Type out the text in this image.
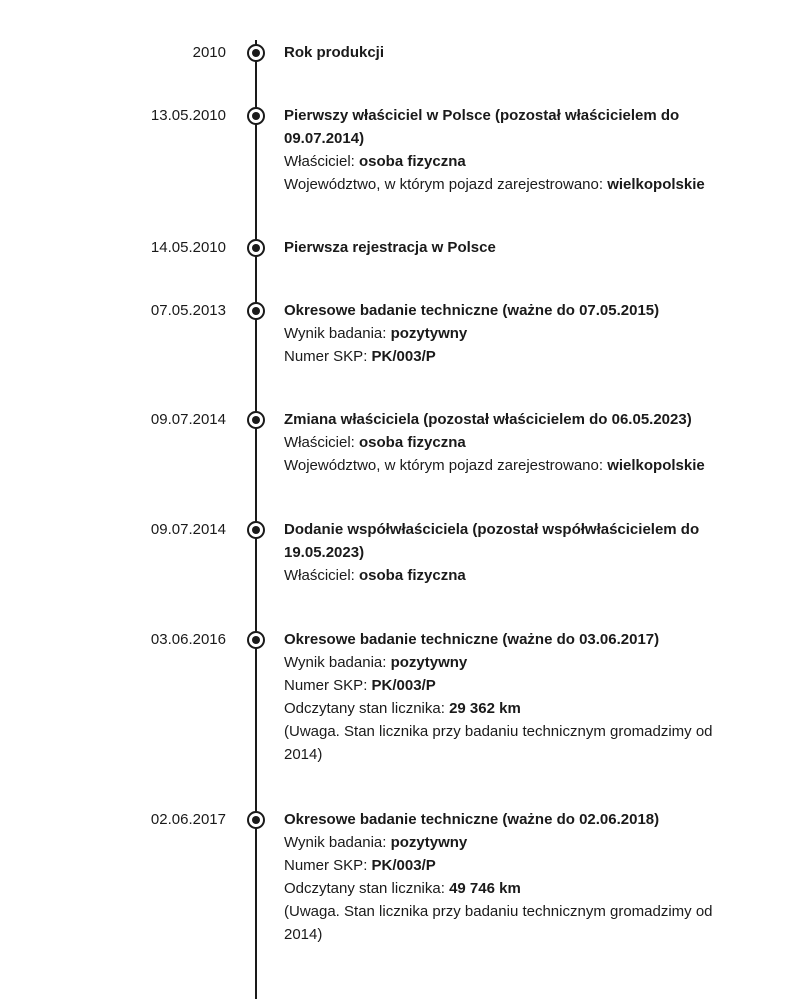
2010	Rok produkcji
13.05.2010	Pierwszy właściciel w Polsce (pozostał właścicielem do 09.07.2014)
Właściciel: osoba fizyczna
Województwo, w którym pojazd zarejestrowano: wielkopolskie
14.05.2010	Pierwsza rejestracja w Polsce
07.05.2013	Okresowe badanie techniczne (ważne do 07.05.2015)
Wynik badania: pozytywny
Numer SKP: PK/003/P
09.07.2014	Zmiana właściciela (pozostał właścicielem do 06.05.2023)
Właściciel: osoba fizyczna
Województwo, w którym pojazd zarejestrowano: wielkopolskie
09.07.2014	Dodanie współwłaściciela (pozostał współwłaścicielem do 19.05.2023)
Właściciel: osoba fizyczna
03.06.2016	Okresowe badanie techniczne (ważne do 03.06.2017)
Wynik badania: pozytywny
Numer SKP: PK/003/P
Odczytany stan licznika: 29 362 km
(Uwaga. Stan licznika przy badaniu technicznym gromadzimy od 2014)
02.06.2017	Okresowe badanie techniczne (ważne do 02.06.2018)
Wynik badania: pozytywny
Numer SKP: PK/003/P
Odczytany stan licznika: 49 746 km
(Uwaga. Stan licznika przy badaniu technicznym gromadzimy od 2014)
